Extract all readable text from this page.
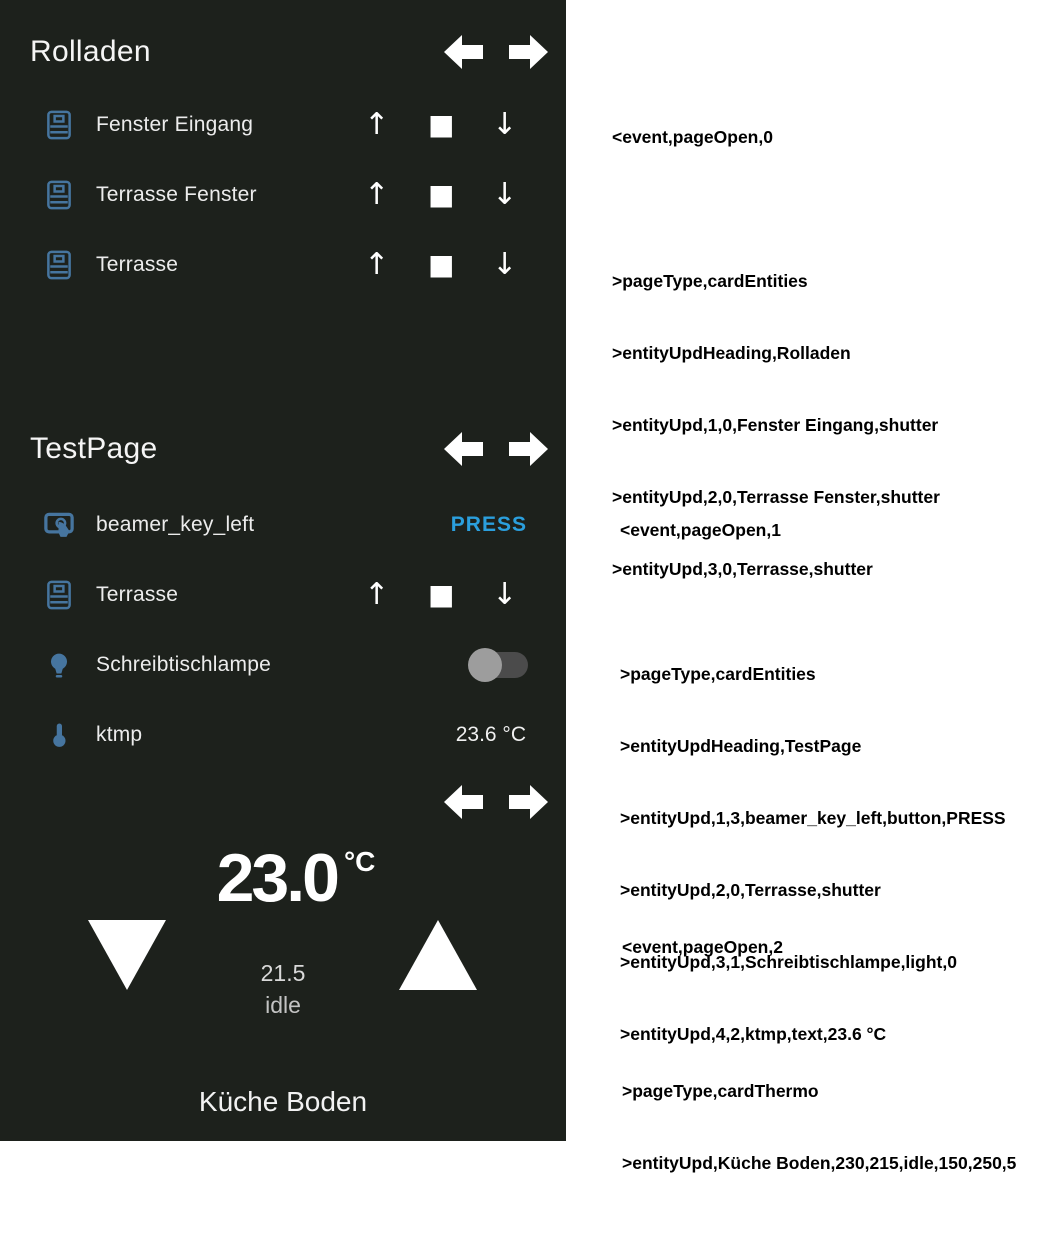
Rolladen
Fenster Eingang	↑ ■ ↓
Terrasse Fenster	↑ ■ ↓
Terrasse	↑ ■ ↓
TestPage
beamer_key_left	PRESS
Terrasse	↑ ■ ↓
Schreibtischlampe
ktmp	23.6 °C
23.0 °C
21.5
idle
Küche Boden

<event,pageOpen,0

>pageType,cardEntities

>entityUpdHeading,Rolladen

>entityUpd,1,0,Fenster Eingang,shutter

>entityUpd,2,0,Terrasse Fenster,shutter

>entityUpd,3,0,Terrasse,shutter

<event,pageOpen,1

>pageType,cardEntities

>entityUpdHeading,TestPage

>entityUpd,1,3,beamer_key_left,button,PRESS

>entityUpd,2,0,Terrasse,shutter

>entityUpd,3,1,Schreibtischlampe,light,0

>entityUpd,4,2,ktmp,text,23.6 °C

<event,pageOpen,2

>pageType,cardThermo

>entityUpd,Küche Boden,230,215,idle,150,250,5
